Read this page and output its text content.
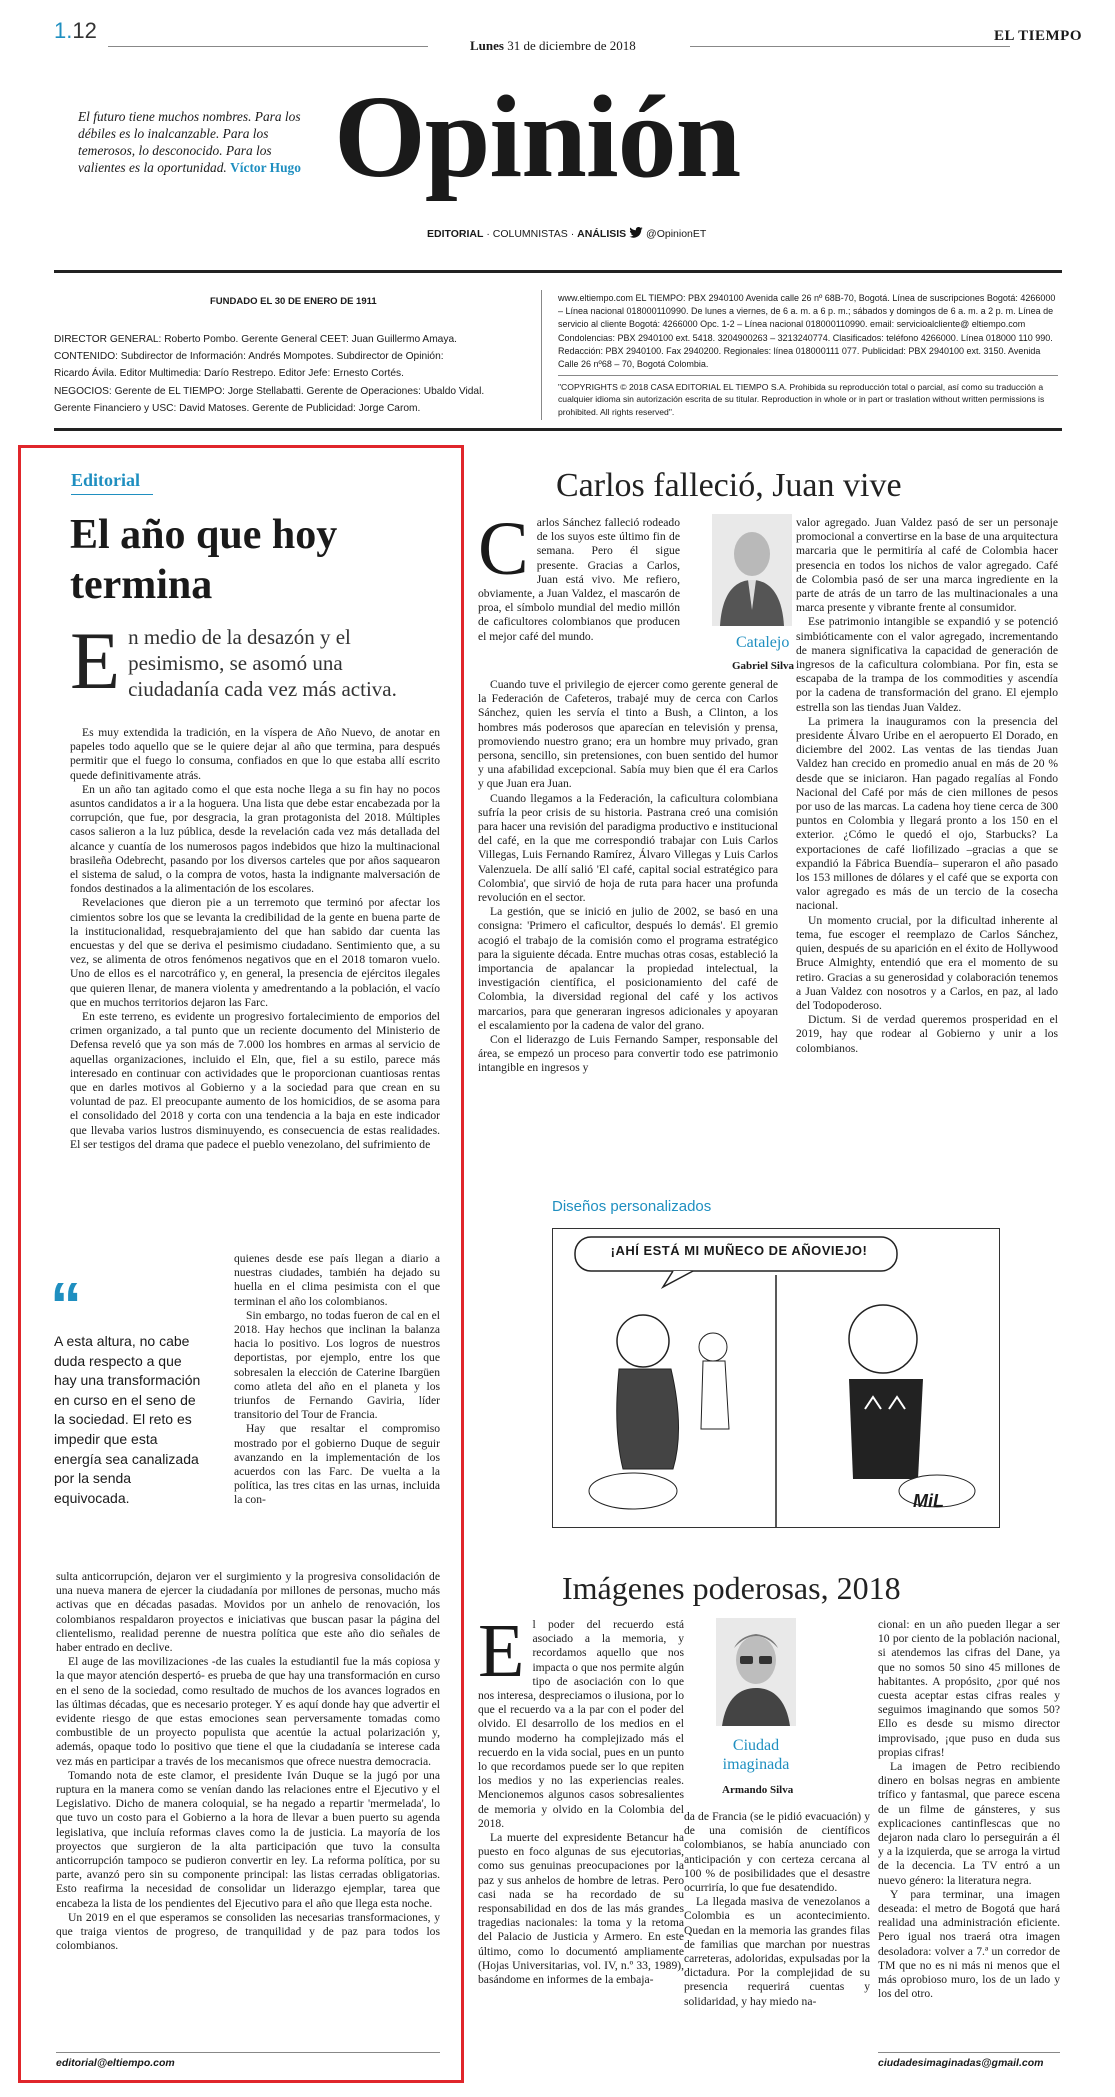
1.12
Lunes 31 de diciembre de 2018
EL TIEMPO
El futuro tiene muchos nombres. Para los débiles es lo inalcanzable. Para los temerosos, lo desconocido. Para los valientes es la oportunidad. Víctor Hugo Opinión
EDITORIAL · COLUMNISTAS · ANÁLISIS @OpinionET
FUNDADO EL 30 DE ENERO DE 1911
DIRECTOR GENERAL: Roberto Pombo. Gerente General CEET: Juan Guillermo Amaya.
CONTENIDO: Subdirector de Información: Andrés Mompotes. Subdirector de Opinión:
Ricardo Ávila. Editor Multimedia: Darío Restrepo. Editor Jefe: Ernesto Cortés.
NEGOCIOS: Gerente de EL TIEMPO: Jorge Stellabatti. Gerente de Operaciones: Ubaldo Vidal.
Gerente Financiero y USC: David Matoses. Gerente de Publicidad: Jorge Carom.
www.eltiempo.com EL TIEMPO: PBX 2940100 Avenida calle 26 nº 68B-70, Bogotá. Línea de suscripciones Bogotá: 4266000 – Línea nacional 018000110990. De lunes a viernes, de 6 a. m. a 6 p. m.; sábados y domingos de 6 a. m. a 2 p. m. Línea de servicio al cliente Bogotá: 4266000 Opc. 1-2 – Línea nacional 018000110990. email: servicioalcliente@ eltiempo.com Condolencias: PBX 2940100 ext. 5418. 3204900263 – 3213240774. Clasificados: teléfono 4266000. Línea 018000 110 990. Redacción: PBX 2940100. Fax 2940200. Regionales: línea 018000111 077. Publicidad: PBX 2940100 ext. 3150. Avenida Calle 26 nº68 – 70, Bogotá Colombia.
"COPYRIGHTS © 2018 CASA EDITORIAL EL TIEMPO S.A. Prohibida su reproducción total o parcial, así como su traducción a cualquier idioma sin autorización escrita de su titular. Reproduction in whole or in part or traslation without written permissions is prohibited. All rights reserved".
Editorial
El año que hoy termina
E n medio de la desazón y el pesimismo, se asomó una ciudadanía cada vez más activa.

Es muy extendida la tradición, en la víspera de Año Nuevo, de anotar en papeles todo aquello que se le quiere dejar al año que termina, para después permitir que el fuego lo consuma, confiados en que lo que estaba allí escrito quede definitivamente atrás.

En un año tan agitado como el que esta noche llega a su fin hay no pocos asuntos candidatos a ir a la hoguera. Una lista que debe estar encabezada por la corrupción, que fue, por desgracia, la gran protagonista del 2018. Múltiples casos salieron a la luz pública, desde la revelación cada vez más detallada del alcance y cuantía de los numerosos pagos indebidos que hizo la multinacional brasileña Odebrecht, pasando por los diversos carteles que por años saquearon el sistema de salud, o la compra de votos, hasta la indignante malversación de fondos destinados a la alimentación de los escolares.

Revelaciones que dieron pie a un terremoto que terminó por afectar los cimientos sobre los que se levanta la credibilidad de la gente en buena parte de la institucionalidad, resquebrajamiento del que han sabido dar cuenta las encuestas y del que se deriva el pesimismo ciudadano. Sentimiento que, a su vez, se alimenta de otros fenómenos negativos que en el 2018 tomaron vuelo. Uno de ellos es el narcotráfico y, en general, la presencia de ejércitos ilegales que quieren llenar, de manera violenta y amedrentando a la población, el vacío que en muchos territorios dejaron las Farc.

En este terreno, es evidente un progresivo fortalecimiento de emporios del crimen organizado, a tal punto que un reciente documento del Ministerio de Defensa reveló que ya son más de 7.000 los hombres en armas al servicio de aquellas organizaciones, incluido el Eln, que, fiel a su estilo, parece más interesado en continuar con actividades que le proporcionan cuantiosas rentas que en darles motivos al Gobierno y a la sociedad para que crean en su voluntad de paz. El preocupante aumento de los homicidios, de se asoma para el consolidado del 2018 y corta con una tendencia a la baja en este indicador que llevaba varios lustros disminuyendo, es consecuencia de estas realidades. El ser testigos del drama que padece el pueblo venezolano, del sufrimiento de

“
A esta altura, no cabe duda respecto a que hay una transformación en curso en el seno de la sociedad. El reto es impedir que esta energía sea canalizada por la senda equivocada.

quienes desde ese país llegan a diario a nuestras ciudades, también ha dejado su huella en el clima pesimista con el que terminan el año los colombianos.

Sin embargo, no todas fueron de cal en el 2018. Hay hechos que inclinan la balanza hacia lo positivo. Los logros de nuestros deportistas, por ejemplo, entre los que sobresalen la elección de Caterine Ibargüen como atleta del año en el planeta y los triunfos de Fernando Gaviria, líder transitorio del Tour de Francia.

Hay que resaltar el compromiso mostrado por el gobierno Duque de seguir avanzando en la implementación de los acuerdos con las Farc. De vuelta a la política, las tres citas en las urnas, incluida la con-

sulta anticorrupción, dejaron ver el surgimiento y la progresiva consolidación de una nueva manera de ejercer la ciudadanía por millones de personas, mucho más activas que en décadas pasadas. Movidos por un anhelo de renovación, los colombianos respaldaron proyectos e iniciativas que buscan pasar la página del clientelismo, realidad perenne de nuestra política que este año dio señales de haber entrado en declive.

El auge de las movilizaciones -de las cuales la estudiantil fue la más copiosa y la que mayor atención despertó- es prueba de que hay una transformación en curso en el seno de la sociedad, como resultado de muchos de los avances logrados en las últimas décadas, que es necesario proteger. Y es aquí donde hay que advertir el evidente riesgo de que estas emociones sean perversamente tomadas como combustible de un proyecto populista que acentúe la actual polarización y, además, opaque todo lo positivo que tiene el que la ciudadanía se interese cada vez más en participar a través de los mecanismos que ofrece nuestra democracia.

Tomando nota de este clamor, el presidente Iván Duque se la jugó por una ruptura en la manera como se venían dando las relaciones entre el Ejecutivo y el Legislativo. Dicho de manera coloquial, se ha negado a repartir 'mermelada', lo que tuvo un costo para el Gobierno a la hora de llevar a buen puerto su agenda legislativa, que incluía reformas claves como la de justicia. La mayoría de los proyectos que surgieron de la alta participación que tuvo la consulta anticorrupción tampoco se pudieron convertir en ley. La reforma política, por su parte, avanzó pero sin su componente principal: las listas cerradas obligatorias. Esto reafirma la necesidad de consolidar un liderazgo ejemplar, tarea que encabeza la lista de los pendientes del Ejecutivo para el año que llega esta noche.

Un 2019 en el que esperamos se consoliden las necesarias transformaciones, y que traiga vientos de progreso, de tranquilidad y de paz para todos los colombianos.

editorial@eltiempo.com
Carlos falleció, Juan vive
C arlos Sánchez falleció rodeado de los suyos este último fin de semana. Pero él sigue presente. Gracias a Carlos, Juan está vivo. Me refiero, obviamente, a Juan Valdez, el mascarón de proa, el símbolo mundial del medio millón de caficultores colombianos que producen el mejor café del mundo.	Catalejo
Gabriel Silva

Cuando tuve el privilegio de ejercer como gerente general de la Federación de Cafeteros, trabajé muy de cerca con Carlos Sánchez, quien les servía el tinto a Bush, a Clinton, a los hombres más poderosos que aparecían en televisión y prensa, promoviendo nuestro grano; era un hombre muy privado, gran persona, sencillo, sin pretensiones, con buen sentido del humor y una afabilidad excepcional. Sabía muy bien que él era Carlos y que Juan era Juan.

Cuando llegamos a la Federación, la caficultura colombiana sufría la peor crisis de su historia. Pastrana creó una comisión para hacer una revisión del paradigma productivo e institucional del café, en la que me correspondió trabajar con Luis Carlos Villegas, Luis Fernando Ramírez, Álvaro Villegas y Luis Carlos Valenzuela. De allí salió 'El café, capital social estratégico para Colombia', que sirvió de hoja de ruta para hacer una profunda revolución en el sector.

La gestión, que se inició en julio de 2002, se basó en una consigna: 'Primero el caficultor, después lo demás'. El gremio acogió el trabajo de la comisión como el programa estratégico para la siguiente década. Entre muchas otras cosas, estableció la importancia de apalancar la propiedad intelectual, la investigación científica, el posicionamiento del café de Colombia, la diversidad regional del café y los activos marcarios, para que generaran ingresos adicionales y apoyaran el escalamiento por la cadena de valor del grano.

Con el liderazgo de Luis Fernando Samper, responsable del área, se empezó un proceso para convertir todo ese patrimonio intangible en ingresos y

valor agregado. Juan Valdez pasó de ser un personaje promocional a convertirse en la base de una arquitectura marcaria que le permitiría al café de Colombia hacer presencia en todos los nichos de valor agregado. Café de Colombia pasó de ser una marca ingrediente en la parte de atrás de un tarro de las multinacionales a una marca presente y vibrante frente al consumidor.

Ese patrimonio intangible se expandió y se potenció simbióticamente con el valor agregado, incrementando de manera significativa la capacidad de generación de ingresos de la caficultura colombiana. Por fin, esta se escapaba de la trampa de los commodities y ascendía por la cadena de transformación del grano. El ejemplo estrella son las tiendas Juan Valdez.

La primera la inauguramos con la presencia del presidente Álvaro Uribe en el aeropuerto El Dorado, en diciembre del 2002. Las ventas de las tiendas Juan Valdez han crecido en promedio anual en más de 20 % desde que se iniciaron. Han pagado regalías al Fondo Nacional del Café por más de cien millones de pesos por uso de las marcas. La cadena hoy tiene cerca de 300 puntos en Colombia y llegará pronto a los 150 en el exterior. ¿Cómo le quedó el ojo, Starbucks? La exportaciones de café liofilizado –gracias a que se expandió la Fábrica Buendía– superaron el año pasado los 153 millones de dólares y el café que se exporta con valor agregado es más de un tercio de la cosecha nacional.

Un momento crucial, por la dificultad inherente al tema, fue escoger el reemplazo de Carlos Sánchez, quien, después de su aparición en el éxito de Hollywood Bruce Almighty, entendió que era el momento de su retiro. Gracias a su generosidad y colaboración tenemos a Juan Valdez con nosotros y a Carlos, en paz, al lado del Todopoderoso.

Dictum. Si de verdad queremos prosperidad en el 2019, hay que rodear al Gobierno y unir a los colombianos.

Diseños personalizados
¡AHÍ ESTÁ MI MUÑECO DE AÑOVIEJO!
MiL
Imágenes poderosas, 2018

El poder del recuerdo está asociado a la memoria, y recordamos aquello que nos impacta o que nos permite algún tipo de asociación con lo que nos interesa, despreciamos o ilusiona, por lo que el recuerdo va a la par con el poder del olvido. El desarrollo de los medios en el mundo moderno ha complejizado más el recuerdo en la vida social, pues en un punto lo que recordamos puede ser lo que repiten los medios y no las experiencias reales. Mencionemos algunos casos sobresalientes de memoria y olvido en la Colombia del 2018.

La muerte del expresidente Betancur ha puesto en foco algunas de sus ejecutorias, como sus genuinas preocupaciones por la paz y sus anhelos de hombre de letras. Pero casi nada se ha recordado de su responsabilidad en dos de las más grandes tragedias nacionales: la toma y la retoma del Palacio de Justicia y Armero. En este último, como lo documentó ampliamente (Hojas Universitarias, vol. IV, n.º 33, 1989), basándome en informes de la embaja-

Ciudad imaginada
Armando Silva

da de Francia (se le pidió evacuación) y de una comisión de científicos colombianos, se había anunciado con anticipación y con certeza cercana al 100 % de posibilidades que el desastre ocurriría, lo que fue desatendido.

La llegada masiva de venezolanos a Colombia es un acontecimiento. Quedan en la memoria las grandes filas de familias que marchan por nuestras carreteras, adoloridas, expulsadas por la dictadura. Por la complejidad de su presencia requerirá cuentas y solidaridad, y hay miedo na-

cional: en un año pueden llegar a ser 10 por ciento de la población nacional, si atendemos las cifras del Dane, ya que no somos 50 sino 45 millones de habitantes. A propósito, ¿por qué nos cuesta aceptar estas cifras reales y seguimos imaginando que somos 50? Ello es desde su mismo director improvisado, ¡que puso en duda sus propias cifras!

La imagen de Petro recibiendo dinero en bolsas negras en ambiente trífico y fantasmal, que parece escena de un filme de gánsteres, y sus explicaciones cantinflescas que no dejaron nada claro lo perseguirán a él y a la izquierda, que se arroga la virtud de la decencia. La TV entró a un nuevo género: la literatura negra.

Y para terminar, una imagen deseada: el metro de Bogotá que hará realidad una administración eficiente. Pero igual nos traerá otra imagen desoladora: volver a 7.ª un corredor de TM que no es ni más ni menos que el más oprobioso muro, los de un lado y los del otro.

ciudadesimaginadas@gmail.com
